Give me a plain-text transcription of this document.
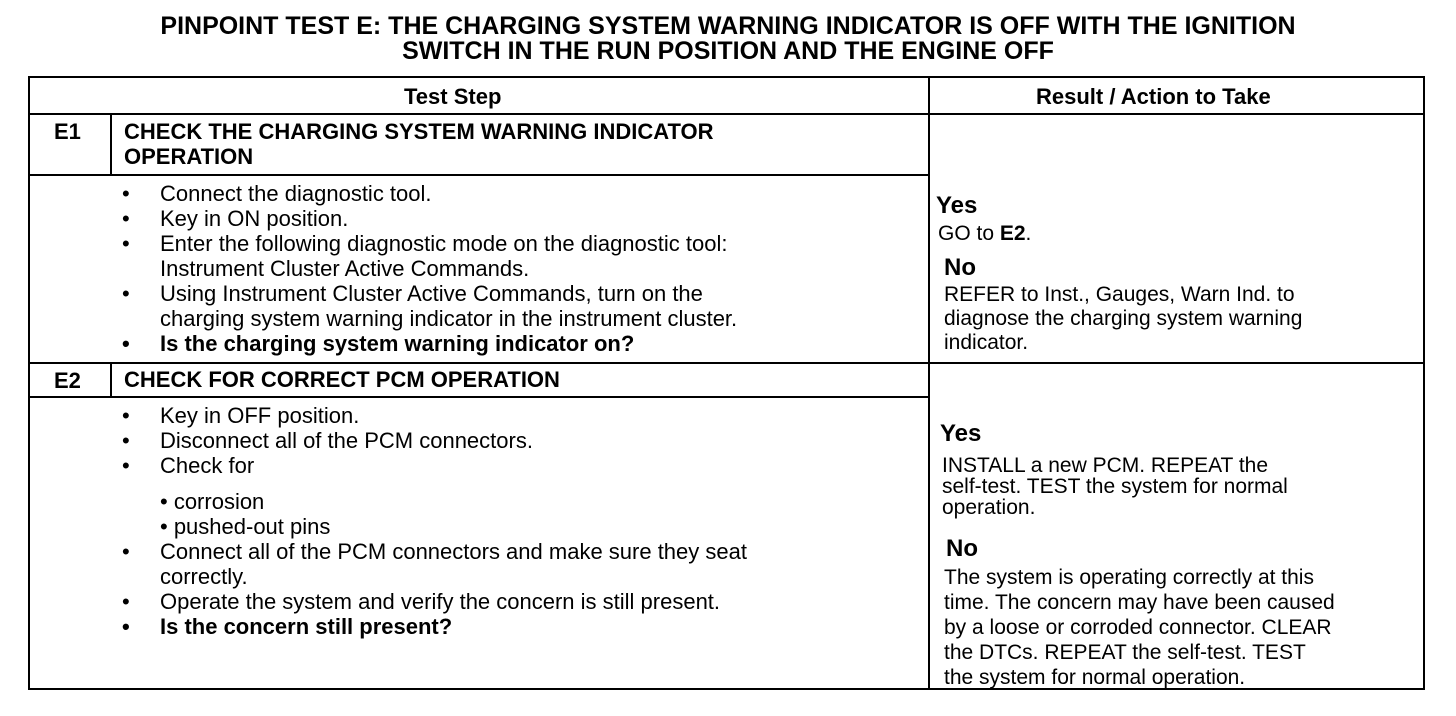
PINPOINT TEST E: THE CHARGING SYSTEM WARNING INDICATOR IS OFF WITH THE IGNITION
SWITCH IN THE RUN POSITION AND THE ENGINE OFF
Test Step	Result / Action to Take
E1 CHECK THE CHARGING SYSTEM WARNING INDICATOR
OPERATION
• Connect the diagnostic tool.
• Key in ON position.
• Enter the following diagnostic mode on the diagnostic tool:
Instrument Cluster Active Commands.
• Using Instrument Cluster Active Commands, turn on the
charging system warning indicator in the instrument cluster.
• Is the charging system warning indicator on?
Yes
GO to E2.
No
REFER to Inst., Gauges, Warn Ind. to
diagnose the charging system warning
indicator.
E2 CHECK FOR CORRECT PCM OPERATION
• Key in OFF position.
• Disconnect all of the PCM connectors.
• Check for
• corrosion
• pushed-out pins
• Connect all of the PCM connectors and make sure they seat
correctly.
• Operate the system and verify the concern is still present.
• Is the concern still present?
Yes
INSTALL a new PCM. REPEAT the
self-test. TEST the system for normal
operation.
No
The system is operating correctly at this
time. The concern may have been caused
by a loose or corroded connector. CLEAR
the DTCs. REPEAT the self-test. TEST
the system for normal operation.
